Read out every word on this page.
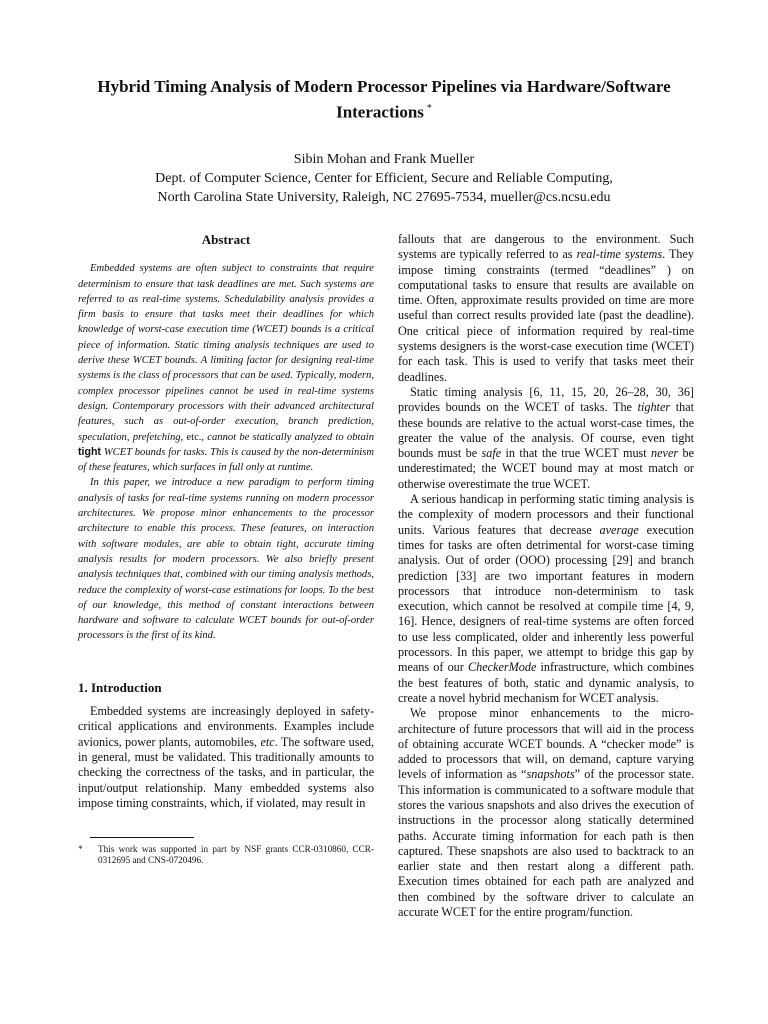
Hybrid Timing Analysis of Modern Processor Pipelines via Hardware/Software
Interactions *
Sibin Mohan and Frank Mueller
Dept. of Computer Science, Center for Efficient, Secure and Reliable Computing,
North Carolina State University, Raleigh, NC 27695-7534, mueller@cs.ncsu.edu
Abstract

Embedded systems are often subject to constraints that require determinism to ensure that task deadlines are met. Such systems are referred to as real-time systems. Schedulability analysis provides a firm basis to ensure that tasks meet their deadlines for which knowledge of worst-case execution time (WCET) bounds is a critical piece of information. Static timing analysis techniques are used to derive these WCET bounds. A limiting factor for designing real-time systems is the class of processors that can be used. Typically, modern, complex processor pipelines cannot be used in real-time systems design. Contemporary processors with their advanced architectural features, such as out-of-order execution, branch prediction, speculation, prefetching, etc., cannot be statically analyzed to obtain tight WCET bounds for tasks. This is caused by the non-determinism of these features, which surfaces in full only at runtime.

In this paper, we introduce a new paradigm to perform timing analysis of tasks for real-time systems running on modern processor architectures. We propose minor enhancements to the processor architecture to enable this process. These features, on interaction with software modules, are able to obtain tight, accurate timing analysis results for modern processors. We also briefly present analysis techniques that, combined with our timing analysis methods, reduce the complexity of worst-case estimations for loops. To the best of our knowledge, this method of constant interactions between hardware and software to calculate WCET bounds for out-of-order processors is the first of its kind.

1. Introduction

Embedded systems are increasingly deployed in safety-critical applications and environments. Examples include avionics, power plants, automobiles, etc. The software used, in general, must be validated. This traditionally amounts to checking the correctness of the tasks, and in particular, the input/output relationship. Many embedded systems also impose timing constraints, which, if violated, may result in

* This work was supported in part by NSF grants CCR-0310860, CCR-0312695 and CNS-0720496.

fallouts that are dangerous to the environment. Such systems are typically referred to as real-time systems. They impose timing constraints (termed “deadlines” ) on computational tasks to ensure that results are available on time. Often, approximate results provided on time are more useful than correct results provided late (past the deadline). One critical piece of information required by real-time systems designers is the worst-case execution time (WCET) for each task. This is used to verify that tasks meet their deadlines.

Static timing analysis [6, 11, 15, 20, 26–28, 30, 36] provides bounds on the WCET of tasks. The tighter that these bounds are relative to the actual worst-case times, the greater the value of the analysis. Of course, even tight bounds must be safe in that the true WCET must never be underestimated; the WCET bound may at most match or otherwise overestimate the true WCET.

A serious handicap in performing static timing analysis is the complexity of modern processors and their functional units. Various features that decrease average execution times for tasks are often detrimental for worst-case timing analysis. Out of order (OOO) processing [29] and branch prediction [33] are two important features in modern processors that introduce non-determinism to task execution, which cannot be resolved at compile time [4, 9, 16]. Hence, designers of real-time systems are often forced to use less complicated, older and inherently less powerful processors. In this paper, we attempt to bridge this gap by means of our CheckerMode infrastructure, which combines the best features of both, static and dynamic analysis, to create a novel hybrid mechanism for WCET analysis.

We propose minor enhancements to the micro-architecture of future processors that will aid in the process of obtaining accurate WCET bounds. A “checker mode” is added to processors that will, on demand, capture varying levels of information as “snapshots” of the processor state. This information is communicated to a software module that stores the various snapshots and also drives the execution of instructions in the processor along statically determined paths. Accurate timing information for each path is then captured. These snapshots are also used to backtrack to an earlier state and then restart along a different path. Execution times obtained for each path are analyzed and then combined by the software driver to calculate an accurate WCET for the entire program/function.
